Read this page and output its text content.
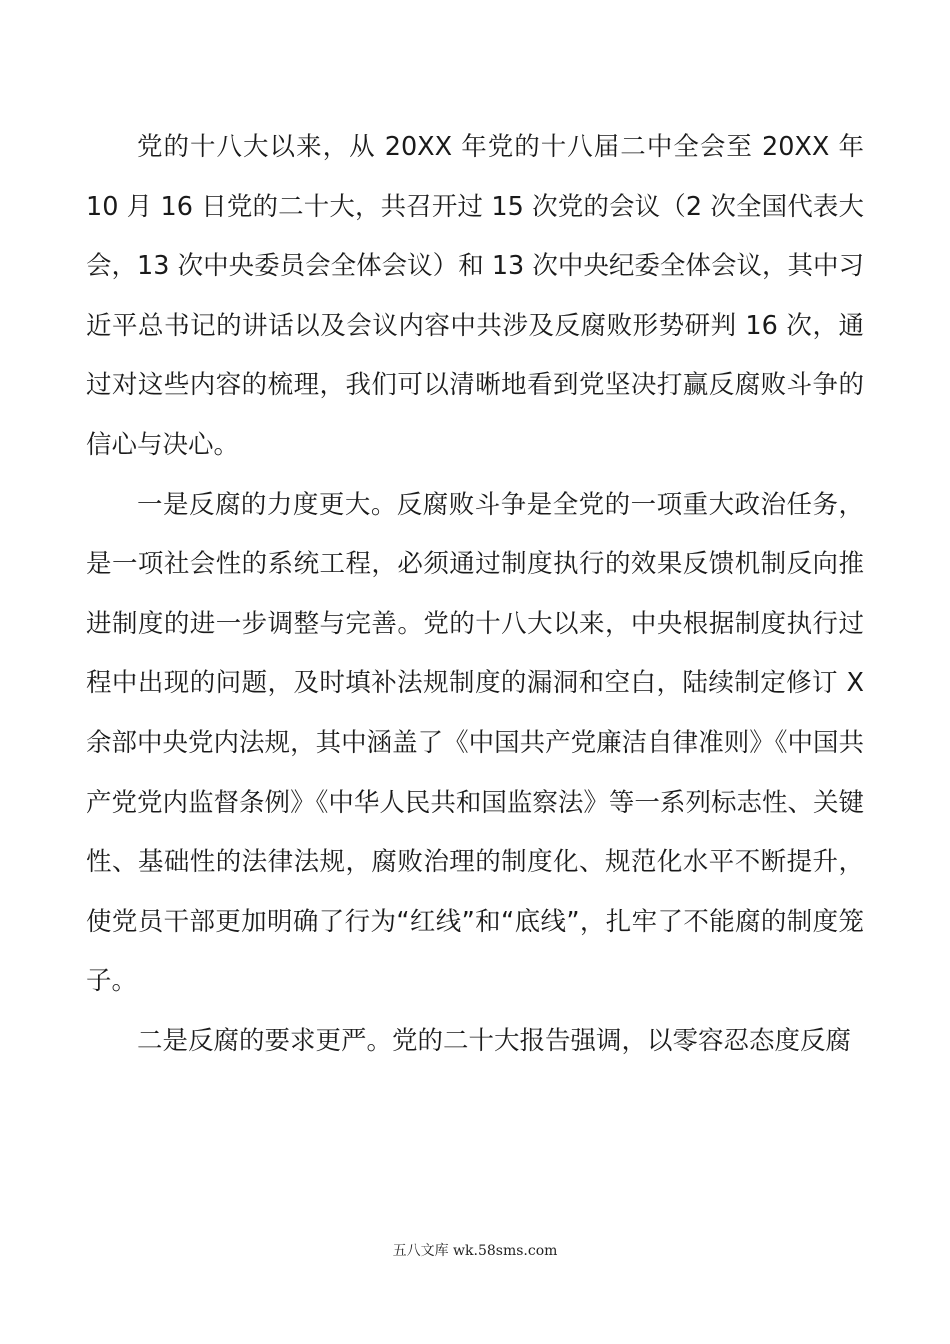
党的十八大以来，从 20XX 年党的十八届二中全会至 20XX 年 10 月 16 日党的二十大，共召开过 15 次党的会议（2 次全国代表大会，13 次中央委员会全体会议）和 13 次中央纪委全体会议，其中习近平总书记的讲话以及会议内容中共涉及反腐败形势研判 16 次，通过对这些内容的梳理，我们可以清晰地看到党坚决打赢反腐败斗争的信心与决心。

一是反腐的力度更大。反腐败斗争是全党的一项重大政治任务，是一项社会性的系统工程，必须通过制度执行的效果反馈机制反向推进制度的进一步调整与完善。党的十八大以来，中央根据制度执行过程中出现的问题，及时填补法规制度的漏洞和空白，陆续制定修订 X 余部中央党内法规，其中涵盖了《中国共产党廉洁自律准则》《中国共产党党内监督条例》《中华人民共和国监察法》等一系列标志性、关键性、基础性的法律法规，腐败治理的制度化、规范化水平不断提升，使党员干部更加明确了行为“红线”和“底线”，扎牢了不能腐的制度笼子。

二是反腐的要求更严。党的二十大报告强调，以零容忍态度反腐

五八文库 wk.58sms.com
